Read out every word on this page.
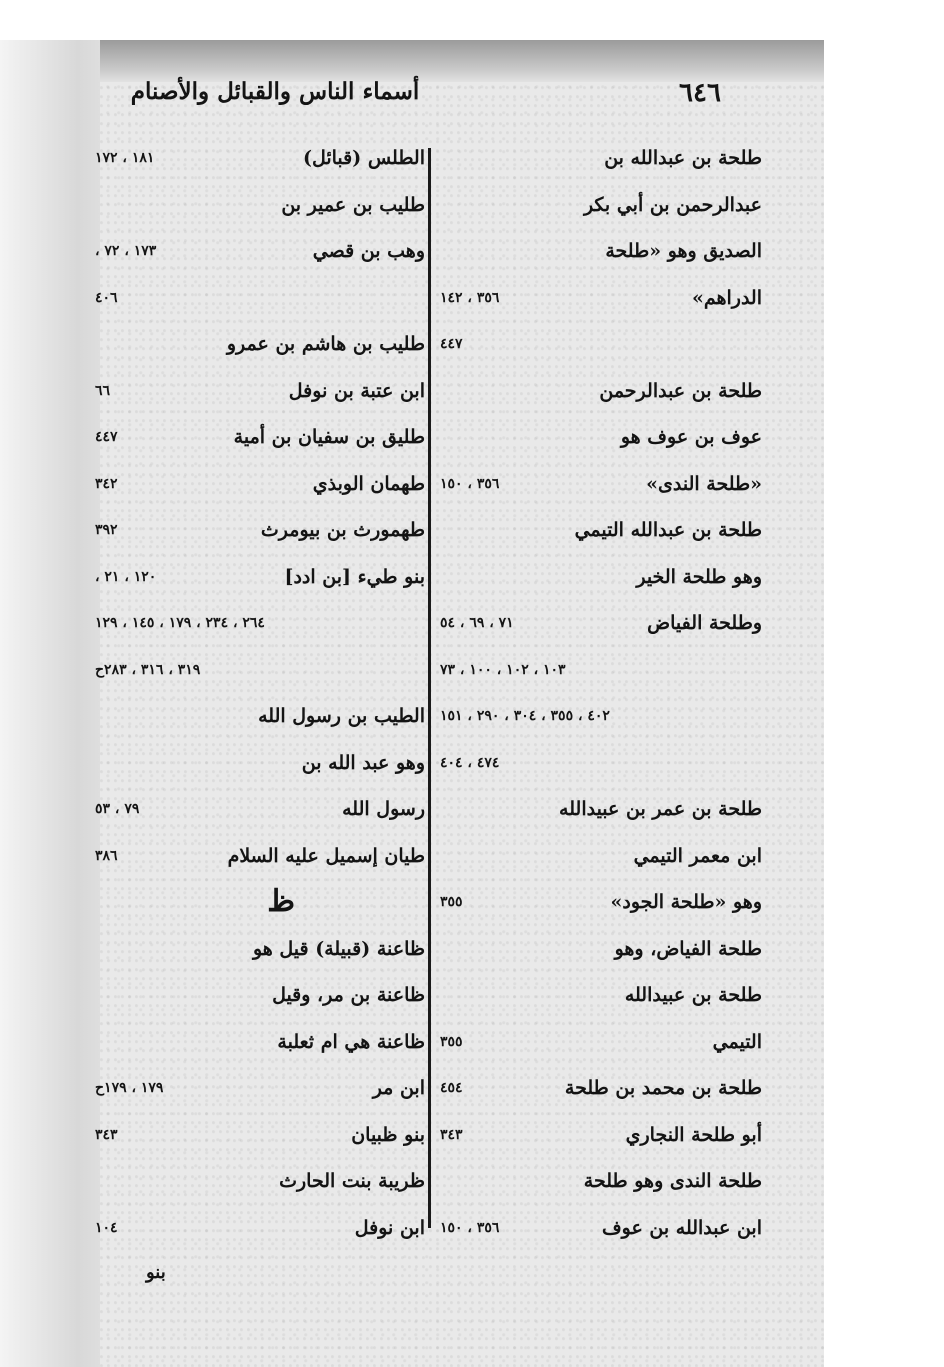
٦٤٦
أسماء الناس والقبائل والأصنام
طلحة بن عبدالله بن
عبدالرحمن بن أبي بكر
الصديق وهو «طلحة
الدراهم»
٣٥٦ ، ١٤٢
٤٤٧
طلحة بن عبدالرحمن
عوف بن عوف هو
«طلحة الندى»
٣٥٦ ، ١٥٠
طلحة بن عبدالله التيمي
وهو طلحة الخير
وطلحة الفياض
٧١ ، ٦٩ ، ٥٤
١٠٣ ، ١٠٢ ، ١٠٠ ، ٧٣
٤٠٢ ، ٣٥٥ ، ٣٠٤ ، ٢٩٠ ، ١٥١
٤٧٤ ، ٤٠٤
طلحة بن عمر بن عبيدالله
ابن معمر التيمي
وهو «طلحة الجود»
٣٥٥
طلحة الفياض، وهو
طلحة بن عبيدالله
التيمي
٣٥٥
طلحة بن محمد بن طلحة
٤٥٤
أبو طلحة النجاري
٣٤٣
طلحة الندى وهو طلحة
ابن عبدالله بن عوف
٣٥٦ ، ١٥٠
الطلس (قبائل)
١٨١ ، ١٧٢
طليب بن عمير بن
وهب بن قصي
١٧٣ ، ٧٢ ،
٤٠٦
طليب بن هاشم بن عمرو
ابن عتبة بن نوفل
٦٦
طليق بن سفيان بن أمية
٤٤٧
طهمان الوبذي
٣٤٢
طهمورث بن بيومرث
٣٩٢
بنو طيء [بن ادد]
١٢٠ ، ٢١ ،
٢٦٤ ، ٢٣٤ ، ١٧٩ ، ١٤٥ ، ١٢٩
٣١٩ ، ٣١٦ ، ٢٨٣ح
الطيب بن رسول الله
وهو عبد الله بن
رسول الله
٧٩ ، ٥٣
طيان إسميل عليه السلام
٣٨٦
ظ
ظاعنة (قبيلة) قيل هو
ظاعنة بن مر، وقيل
ظاعنة هي ام ثعلبة
ابن مر
١٧٩ ، ١٧٩ح
بنو ظبيان
٣٤٣
ظريبة بنت الحارث
ابن نوفل
١٠٤
بنو
